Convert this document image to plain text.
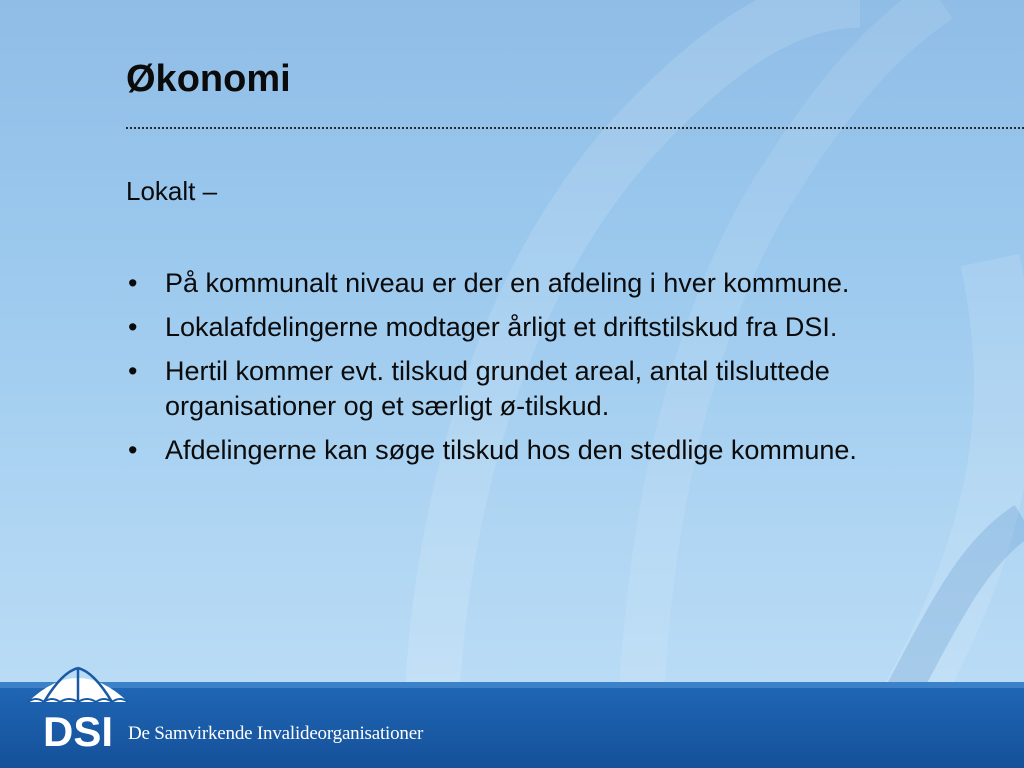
Økonomi

Lokalt –

• På kommunalt niveau er der en afdeling i hver kommune.
• Lokalafdelingerne modtager årligt et driftstilskud fra DSI.
• Hertil kommer evt. tilskud grundet areal, antal tilsluttede organisationer og et særligt ø-tilskud.
• Afdelingerne kan søge tilskud hos den stedlige kommune.
DSI De Samvirkende Invalideorganisationer
